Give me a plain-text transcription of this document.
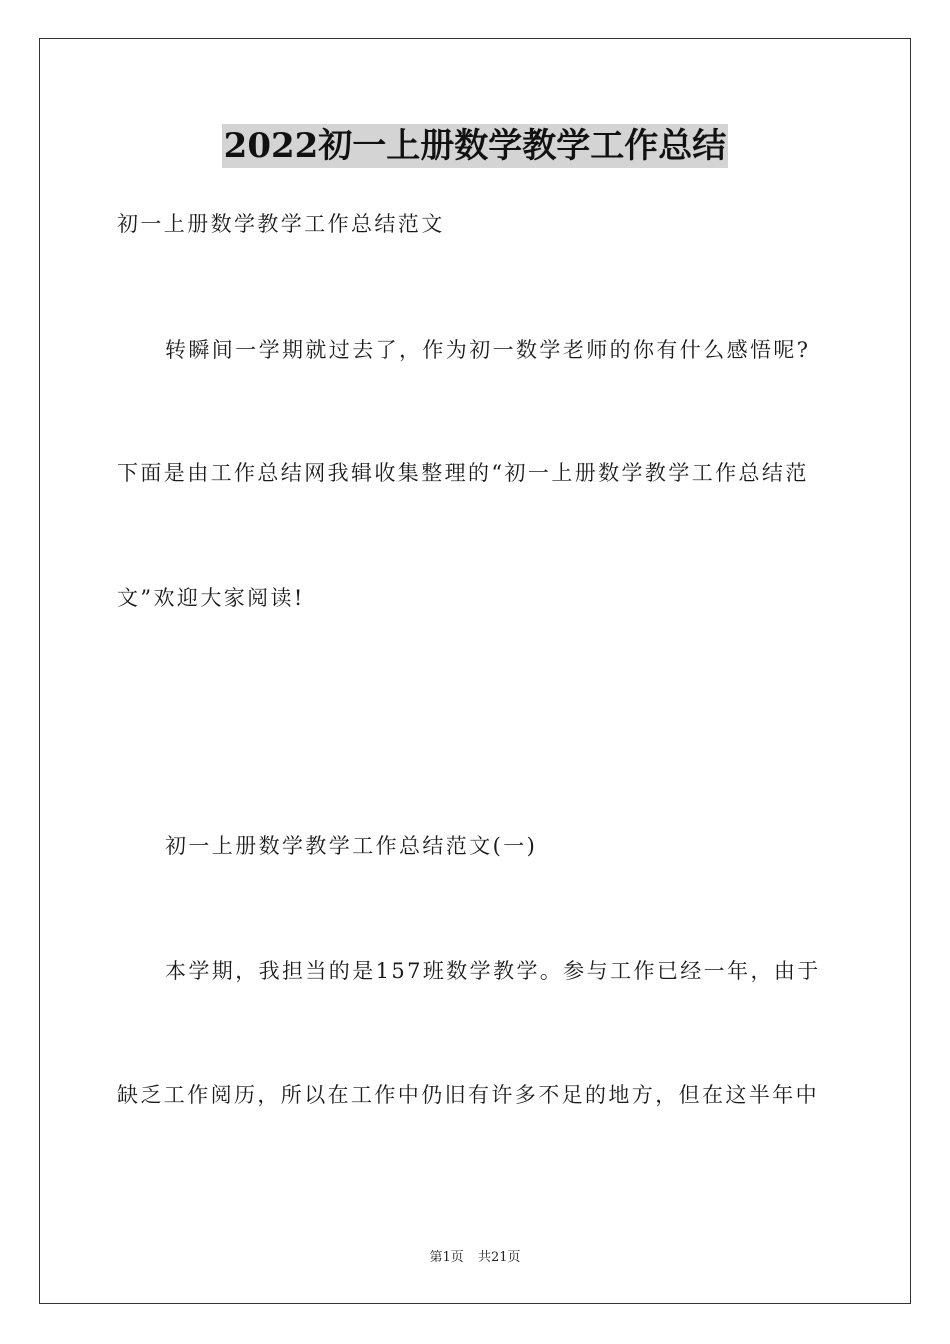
2022初一上册数学教学工作总结
初一上册数学教学工作总结范文
转瞬间一学期就过去了，作为初一数学老师的你有什么感悟呢?
下面是由工作总结网我辑收集整理的“初一上册数学教学工作总结范
文”欢迎大家阅读!
初一上册数学教学工作总结范文(一)
本学期，我担当的是157班数学教学。参与工作已经一年，由于
缺乏工作阅历，所以在工作中仍旧有许多不足的地方，但在这半年中
第1页 共21页
